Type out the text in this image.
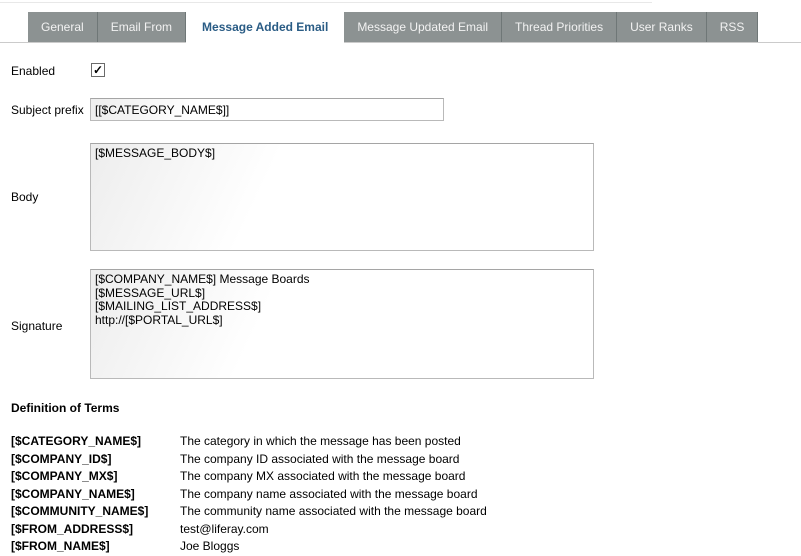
General	Email From	Message Added Email	Message Updated Email	Thread Priorities	User Ranks	RSS
Enabled	✓
Subject prefix
[[$CATEGORY_NAME$]]
Body
[$MESSAGE_BODY$]
Signature
[$COMPANY_NAME$] Message Boards [$MESSAGE_URL$] [$MAILING_LIST_ADDRESS$] http://[$PORTAL_URL$]
Definition of Terms
[$CATEGORY_NAME$]	The category in which the message has been posted
[$COMPANY_ID$]	The company ID associated with the message board
[$COMPANY_MX$]	The company MX associated with the message board
[$COMPANY_NAME$]	The company name associated with the message board
[$COMMUNITY_NAME$]	The community name associated with the message board
[$FROM_ADDRESS$]	test@liferay.com
[$FROM_NAME$]	Joe Bloggs
